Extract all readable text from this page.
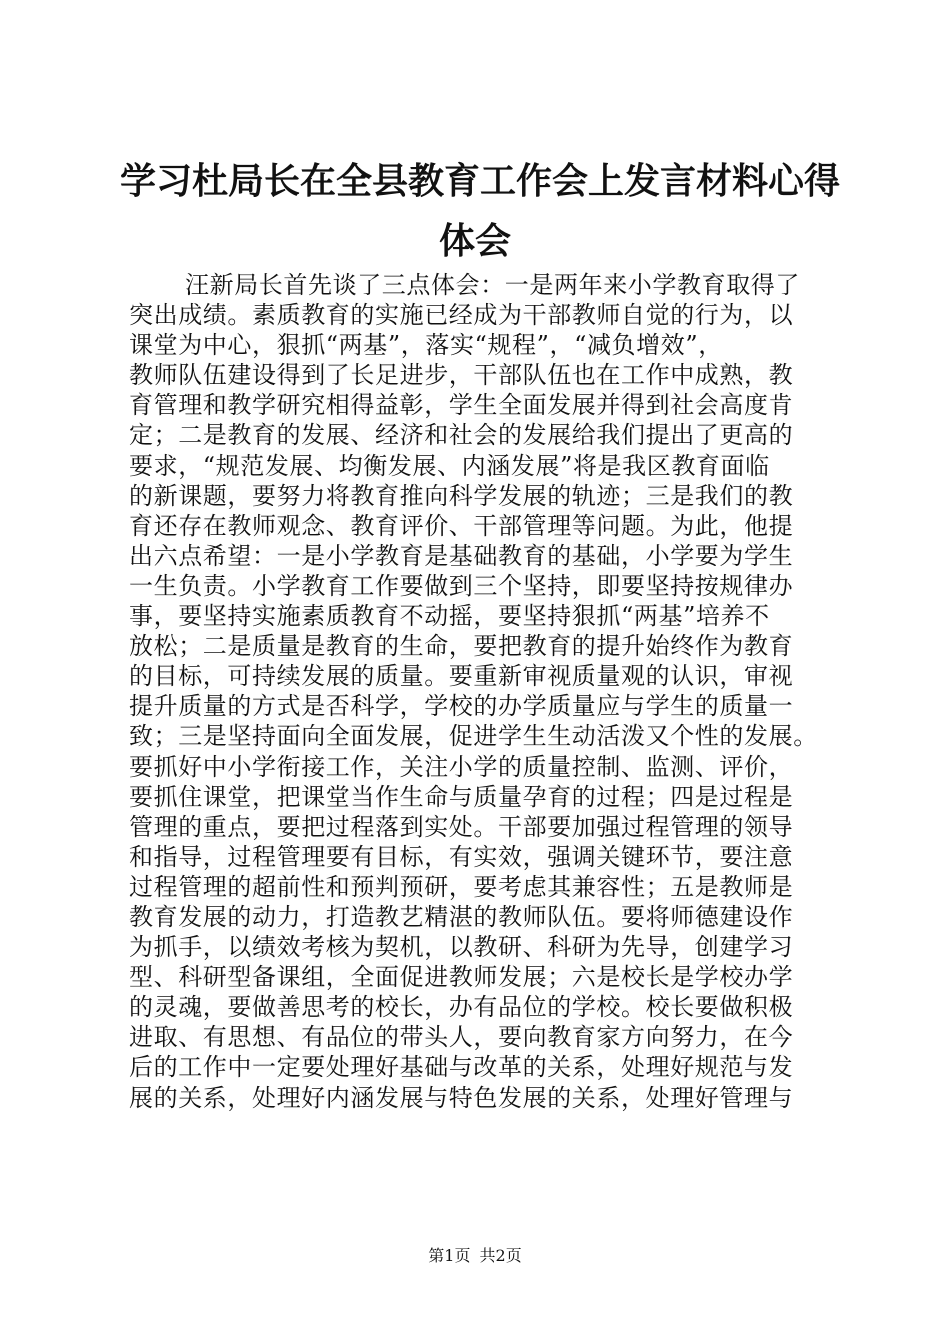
学习杜局长在全县教育工作会上发言材料心得
体会
汪新局长首先谈了三点体会：一是两年来小学教育取得了
突出成绩。素质教育的实施已经成为干部教师自觉的行为，以
课堂为中心，狠抓“两基”，落实“规程”，“减负增效”，
教师队伍建设得到了长足进步，干部队伍也在工作中成熟，教
育管理和教学研究相得益彰，学生全面发展并得到社会高度肯
定；二是教育的发展、经济和社会的发展给我们提出了更高的
要求，“规范发展、均衡发展、内涵发展”将是我区教育面临
的新课题，要努力将教育推向科学发展的轨迹；三是我们的教
育还存在教师观念、教育评价、干部管理等问题。为此，他提
出六点希望：一是小学教育是基础教育的基础，小学要为学生
一生负责。小学教育工作要做到三个坚持，即要坚持按规律办
事，要坚持实施素质教育不动摇，要坚持狠抓“两基”培养不
放松；二是质量是教育的生命，要把教育的提升始终作为教育
的目标，可持续发展的质量。要重新审视质量观的认识，审视
提升质量的方式是否科学，学校的办学质量应与学生的质量一
致；三是坚持面向全面发展，促进学生生动活泼又个性的发展。
要抓好中小学衔接工作，关注小学的质量控制、监测、评价，
要抓住课堂，把课堂当作生命与质量孕育的过程；四是过程是
管理的重点，要把过程落到实处。干部要加强过程管理的领导
和指导，过程管理要有目标，有实效，强调关键环节，要注意
过程管理的超前性和预判预研，要考虑其兼容性；五是教师是
教育发展的动力，打造教艺精湛的教师队伍。要将师德建设作
为抓手，以绩效考核为契机，以教研、科研为先导，创建学习
型、科研型备课组，全面促进教师发展；六是校长是学校办学
的灵魂，要做善思考的校长，办有品位的学校。校长要做积极
进取、有思想、有品位的带头人，要向教育家方向努力，在今
后的工作中一定要处理好基础与改革的关系，处理好规范与发
展的关系，处理好内涵发展与特色发展的关系，处理好管理与
第1页 共2页
